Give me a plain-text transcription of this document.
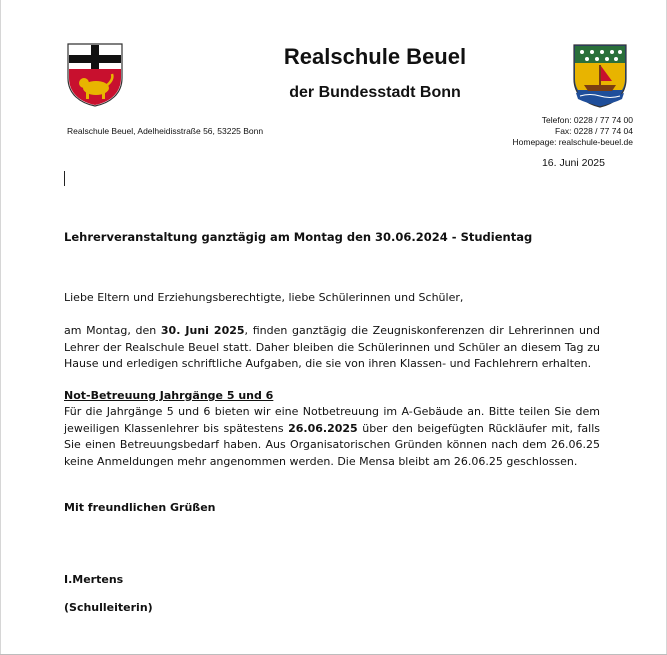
Realschule Beuel
der Bundesstadt Bonn
Realschule Beuel, Adelheidisstraße 56, 53225 Bonn
Telefon: 0228 / 77 74 00
Fax: 0228 / 77 74 04
Homepage: realschule-beuel.de
16. Juni 2025
Lehrerveranstaltung ganztägig am Montag den 30.06.2024 - Studientag
Liebe Eltern und Erziehungsberechtigte, liebe Schülerinnen und Schüler,
am Montag, den 30. Juni 2025, finden ganztägig die Zeugniskonferenzen dir Lehrerinnen und Lehrer der Realschule Beuel statt. Daher bleiben die Schülerinnen und Schüler an diesem Tag zu Hause und erledigen schriftliche Aufgaben, die sie von ihren Klassen- und Fachlehrern erhalten.
Not-Betreuung Jahrgänge 5 und 6
Für die Jahrgänge 5 und 6 bieten wir eine Notbetreuung im A-Gebäude an. Bitte teilen Sie dem jeweiligen Klassenlehrer bis spätestens 26.06.2025 über den beigefügten Rückläufer mit, falls Sie einen Betreuungsbedarf haben. Aus Organisatorischen Gründen können nach dem 26.06.25 keine Anmeldungen mehr angenommen werden. Die Mensa bleibt am 26.06.25 geschlossen.
Mit freundlichen Grüßen
I.Mertens
(Schulleiterin)
